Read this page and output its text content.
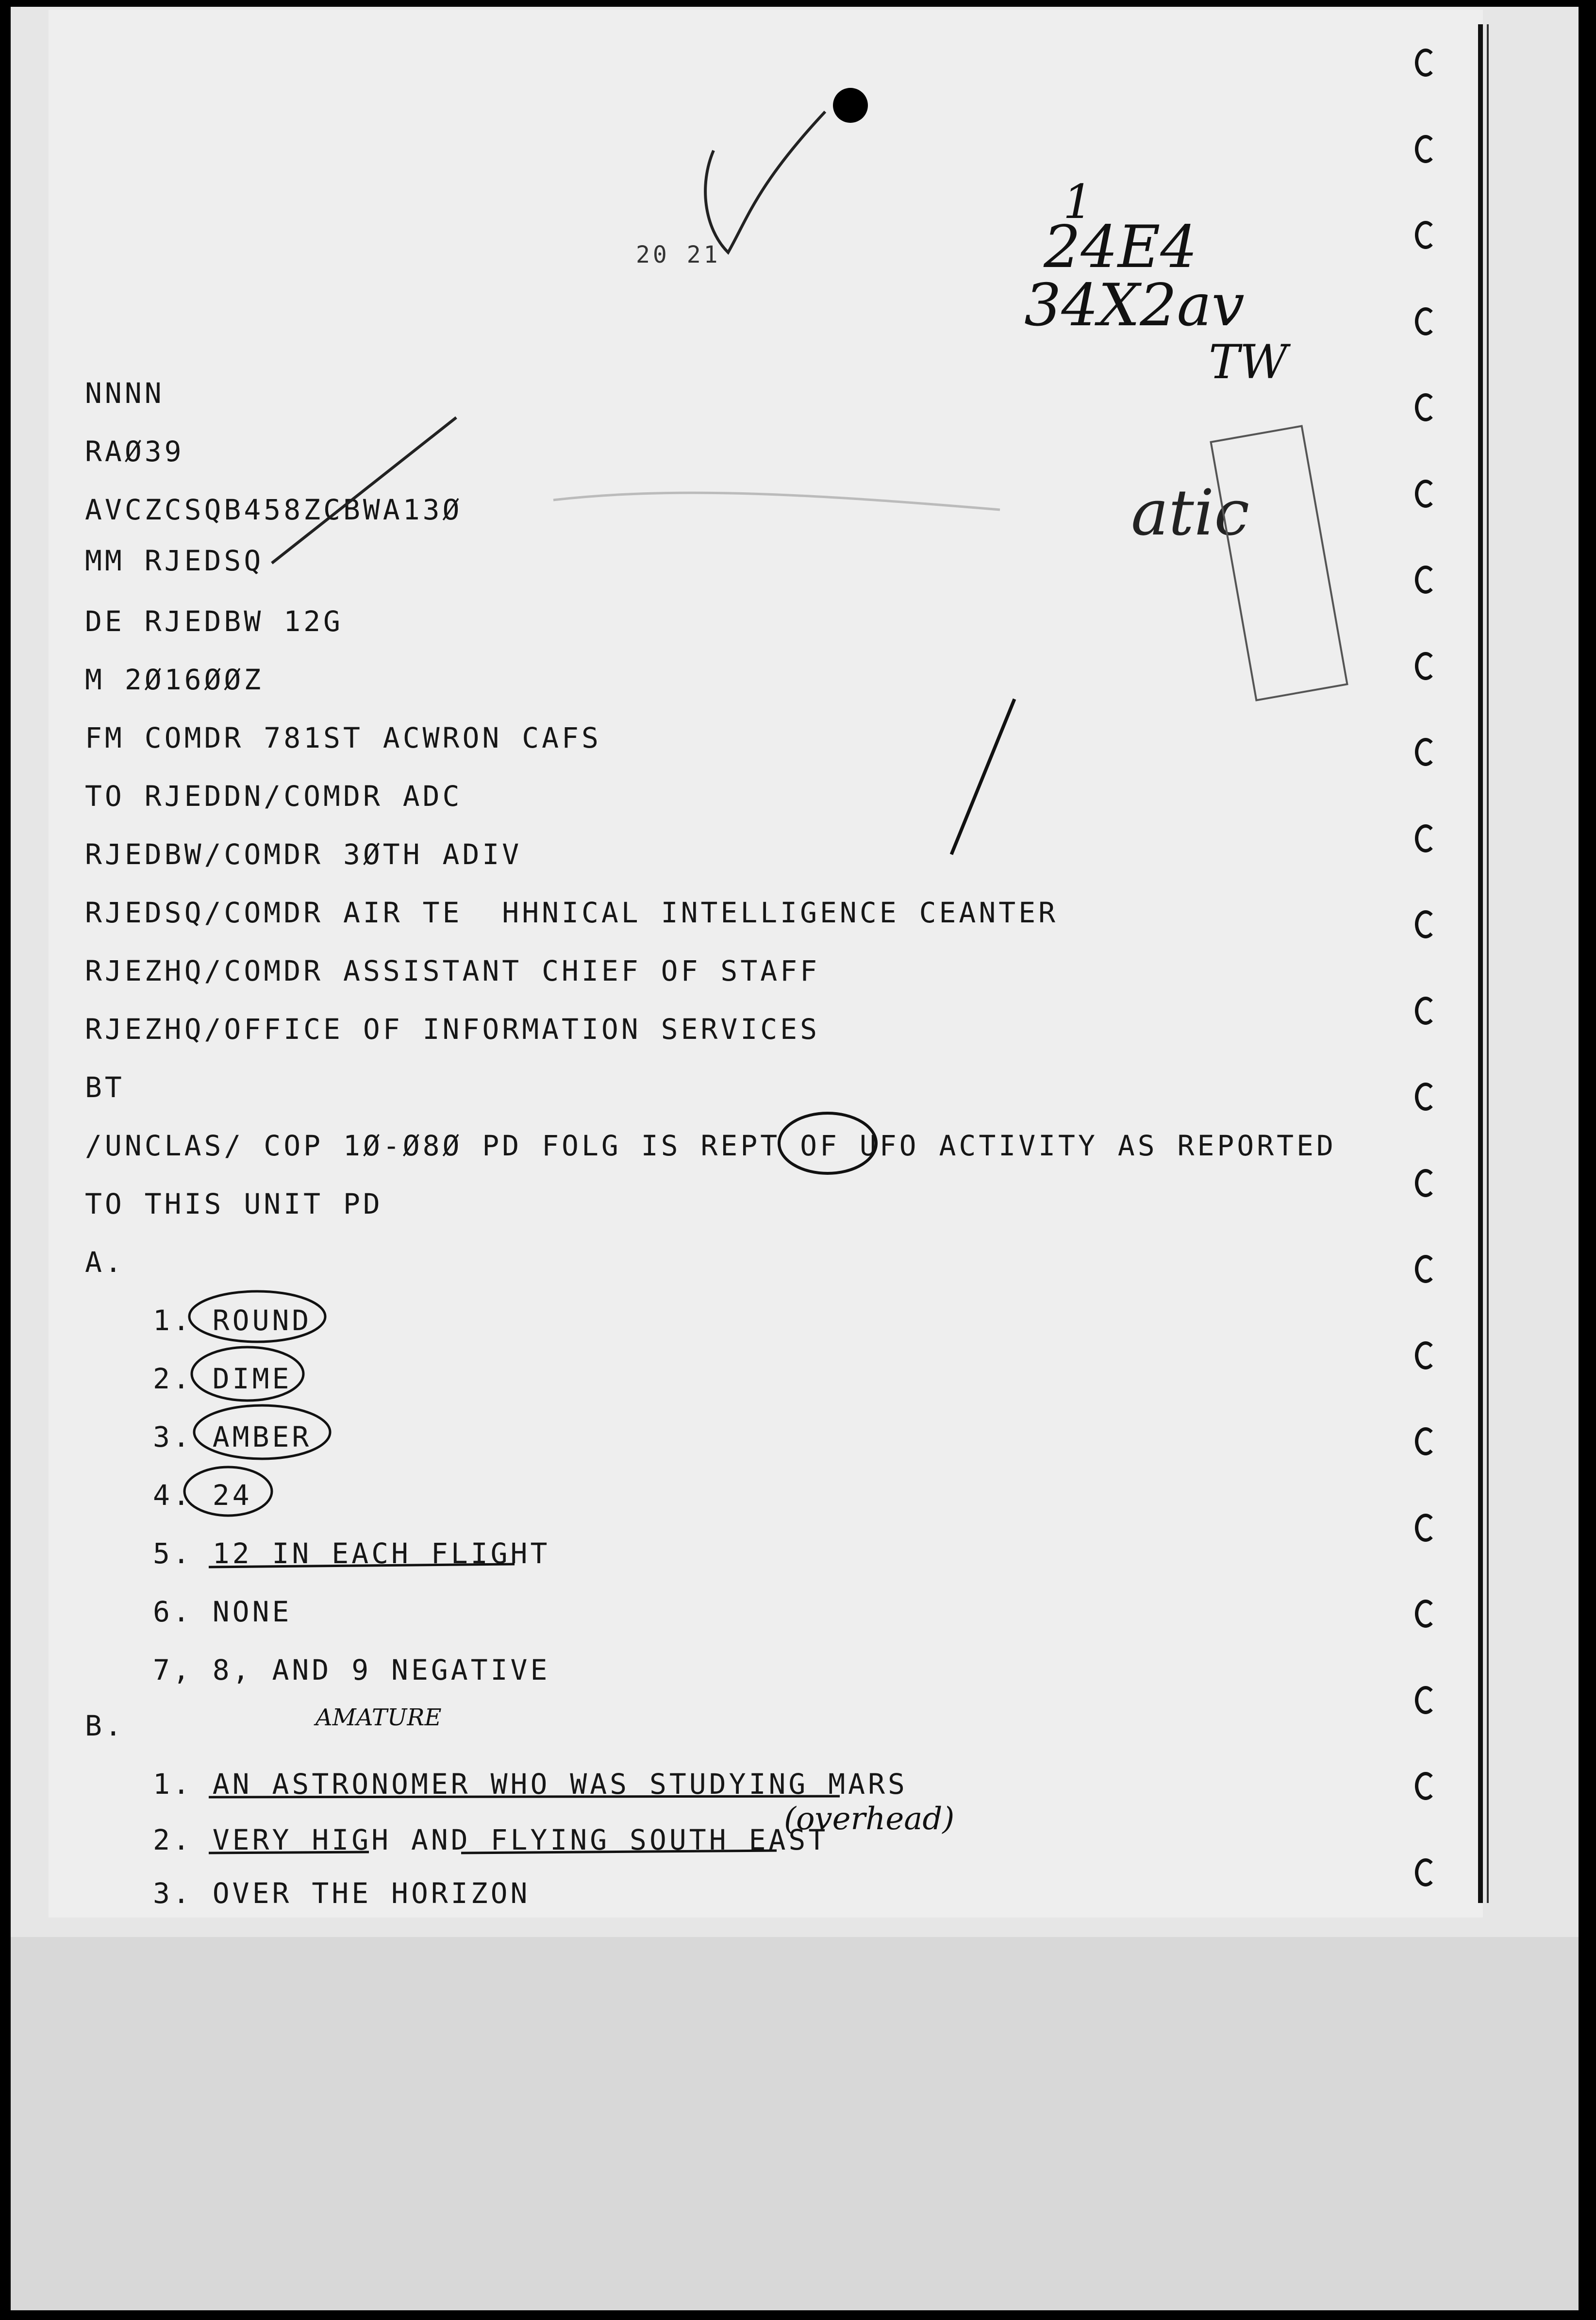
20 21
1
24E4
34X2av
TW
atic
AMATURE
(overhead)
NNNN
RAØ39
AVCZCSQB458ZCBWA13Ø
MM RJEDSQ
DE RJEDBW 12G
M 2Ø16ØØZ
FM COMDR 781ST ACWRON CAFS
TO RJEDDN/COMDR ADC
RJEDBW/COMDR 3ØTH ADIV
RJEDSQ/COMDR AIR TE  HHNICAL INTELLIGENCE CEANTER
RJEZHQ/COMDR ASSISTANT CHIEF OF STAFF
RJEZHQ/OFFICE OF INFORMATION SERVICES
BT
/UNCLAS/ COP 1Ø-Ø8Ø PD FOLG IS REPT OF UFO ACTIVITY AS REPORTED
TO THIS UNIT PD
A.
1. ROUND
2. DIME
3. AMBER
4. 24
5. 12 IN EACH FLIGHT
6. NONE
7, 8, AND 9 NEGATIVE
B.
1. AN ASTRONOMER WHO WAS STUDYING MARS
2. VERY HIGH AND FLYING SOUTH EAST
3. OVER THE HORIZON
